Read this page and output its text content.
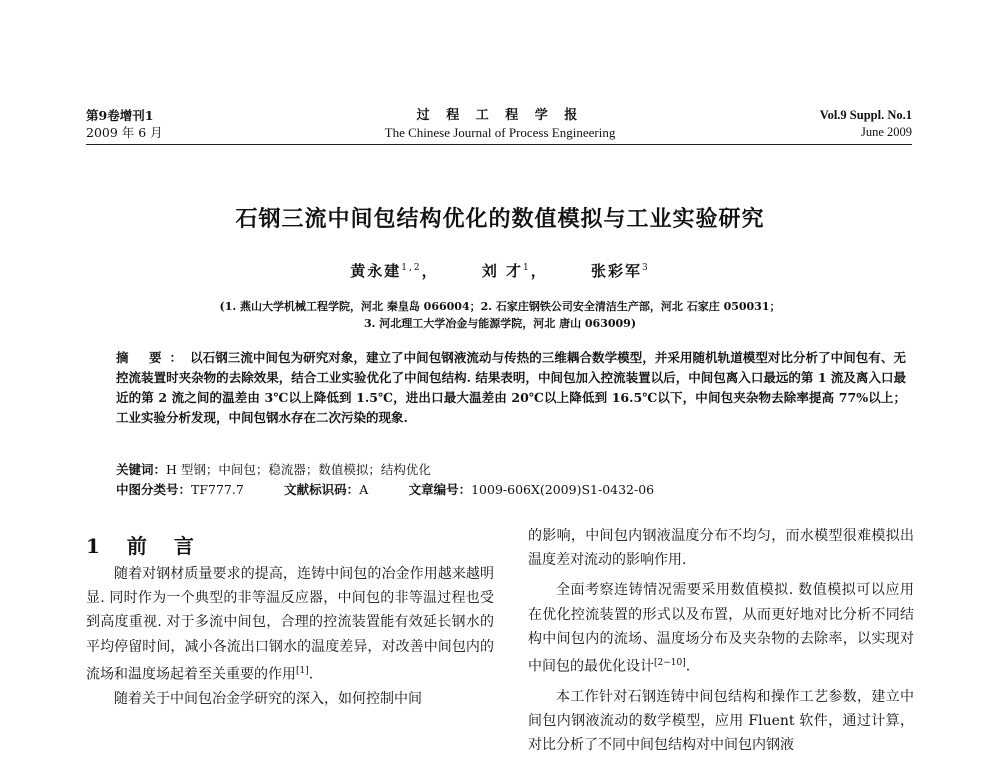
第9卷增刊1
2009 年 6 月
过 程 工 程 学 报
The Chinese Journal of Process Engineering
Vol.9 Suppl. No.1
June 2009
石钢三流中间包结构优化的数值模拟与工业实验研究
黄永建$^{1,2}$，	刘 才$^1$，	张彩军$^3$
(1. 燕山大学机械工程学院，河北 秦皇岛 066004；2. 石家庄钢铁公司安全清洁生产部，河北 石家庄 050031；
3. 河北理工大学冶金与能源学院，河北 唐山 063009)
摘 要：以石钢三流中间包为研究对象，建立了中间包钢液流动与传热的三维耦合数学模型，并采用随机轨道模型对比分析了中间包有、无控流装置时夹杂物的去除效果，结合工业实验优化了中间包结构. 结果表明，中间包加入控流装置以后，中间包离入口最远的第 1 流及离入口最近的第 2 流之间的温差由 3℃以上降低到 1.5℃，进出口最大温差由 20℃以上降低到 16.5℃以下，中间包夹杂物去除率提高 77%以上；工业实验分析发现，中间包钢水存在二次污染的现象.
关键词：H 型钢；中间包；稳流器；数值模拟；结构优化
中图分类号：TF777.7	文献标识码：A	文章编号：1009-606X(2009)S1-0432-06
1 前 言

随着对钢材质量要求的提高，连铸中间包的冶金作用越来越明显. 同时作为一个典型的非等温反应器，中间包的非等温过程也受到高度重视. 对于多流中间包，合理的控流装置能有效延长钢水的平均停留时间，减小各流出口钢水的温度差异，对改善中间包内的流场和温度场起着至关重要的作用[1].

随着关于中间包冶金学研究的深入，如何控制中间

的影响，中间包内钢液温度分布不均匀，而水模型很难模拟出温度差对流动的影响作用.

全面考察连铸情况需要采用数值模拟. 数值模拟可以应用在优化控流装置的形式以及布置，从而更好地对比分析不同结构中间包内的流场、温度场分布及夹杂物的去除率，以实现对中间包的最优化设计[2−10].

本工作针对石钢连铸中间包结构和操作工艺参数，建立中间包内钢液流动的数学模型，应用 Fluent 软件，通过计算，对比分析了不同中间包结构对中间包内钢液
